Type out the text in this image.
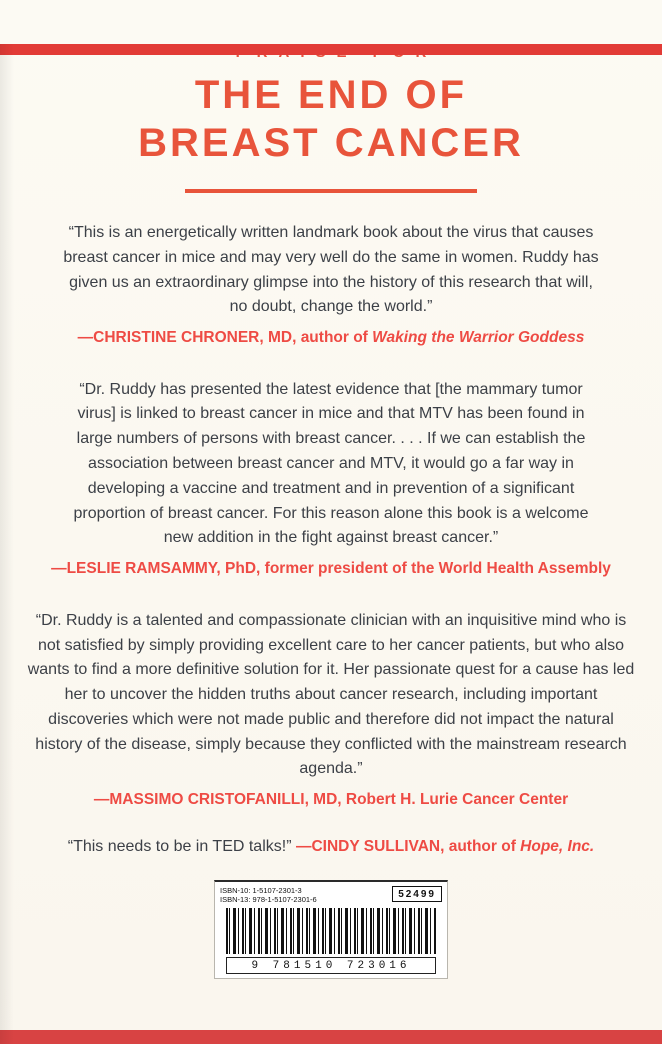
THE END OF
BREAST CANCER

“This is an energetically written landmark book about the virus that causes breast cancer in mice and may very well do the same in women. Ruddy has given us an extraordinary glimpse into the history of this research that will, no doubt, change the world.”

—CHRISTINE CHRONER, MD, author of Waking the Warrior Goddess

“Dr. Ruddy has presented the latest evidence that [the mammary tumor virus] is linked to breast cancer in mice and that MTV has been found in large numbers of persons with breast cancer. . . . If we can establish the association between breast cancer and MTV, it would go a far way in developing a vaccine and treatment and in prevention of a significant proportion of breast cancer. For this reason alone this book is a welcome new addition in the fight against breast cancer.”

—LESLIE RAMSAMMY, PhD, former president of the World Health Assembly

“Dr. Ruddy is a talented and compassionate clinician with an inquisitive mind who is not satisfied by simply providing excellent care to her cancer patients, but who also wants to find a more definitive solution for it. Her passionate quest for a cause has led her to uncover the hidden truths about cancer research, including important discoveries which were not made public and therefore did not impact the natural history of the disease, simply because they conflicted with the mainstream research agenda.”

—MASSIMO CRISTOFANILLI, MD, Robert H. Lurie Cancer Center

“This needs to be in TED talks!” —CINDY SULLIVAN, author of Hope, Inc.

ISBN-10: 1-5107-2301-3
ISBN-13: 978-1-5107-2301-6	52499
9 781510 723016
